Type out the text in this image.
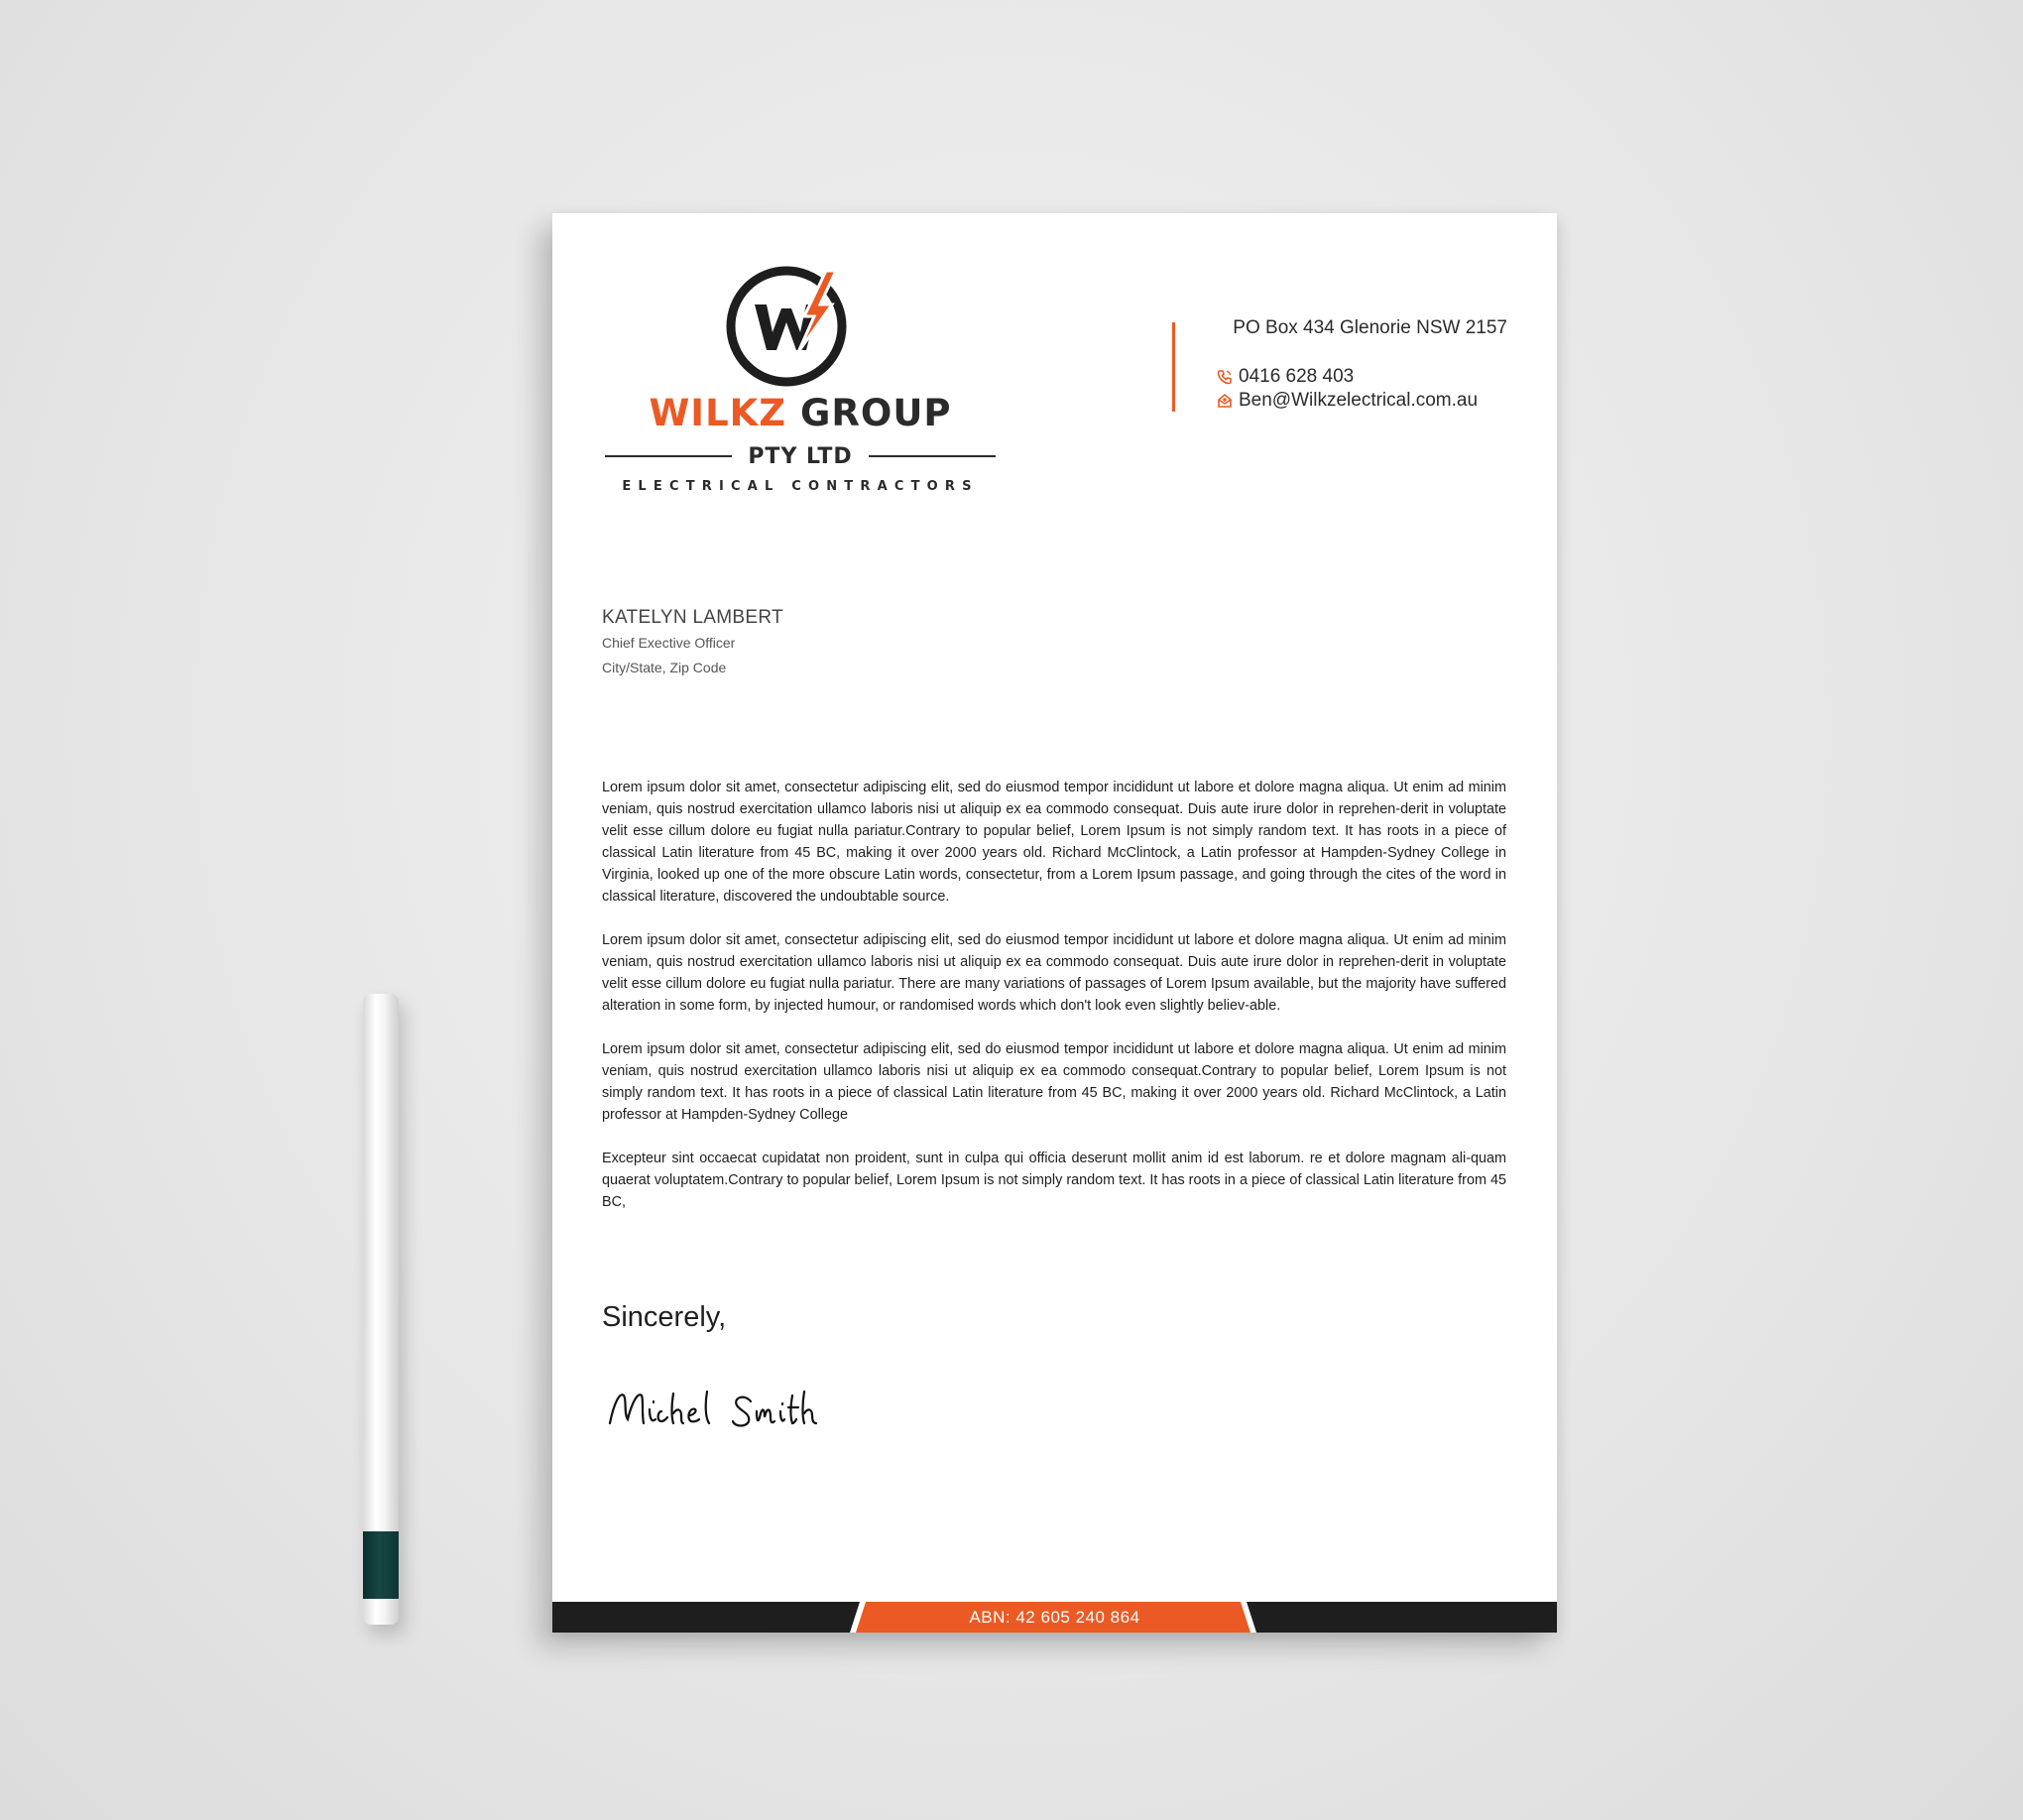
WILKZ GROUP
PTY LTD
ELECTRICAL CONTRACTORS
PO Box 434 Glenorie NSW 2157
0416 628 403
Ben@Wilkzelectrical.com.au
KATELYN LAMBERT
Chief Exective Officer
City/State, Zip Code

Lorem ipsum dolor sit amet, consectetur adipiscing elit, sed do eiusmod tempor incididunt ut labore et dolore magna aliqua. Ut enim ad minim veniam, quis nostrud exercitation ullamco laboris nisi ut aliquip ex ea commodo consequat. Duis aute irure dolor in reprehen-derit in voluptate velit esse cillum dolore eu fugiat nulla pariatur.Contrary to popular belief, Lorem Ipsum is not simply random text. It has roots in a piece of classical Latin literature from 45 BC, making it over 2000 years old. Richard McClintock, a Latin professor at Hampden-Sydney College in Virginia, looked up one of the more obscure Latin words, consectetur, from a Lorem Ipsum passage, and going through the cites of the word in classical literature, discovered the undoubtable source.

Lorem ipsum dolor sit amet, consectetur adipiscing elit, sed do eiusmod tempor incididunt ut labore et dolore magna aliqua. Ut enim ad minim veniam, quis nostrud exercitation ullamco laboris nisi ut aliquip ex ea commodo consequat. Duis aute irure dolor in reprehen-derit in voluptate velit esse cillum dolore eu fugiat nulla pariatur. There are many variations of passages of Lorem Ipsum available, but the majority have suffered alteration in some form, by injected humour, or randomised words which don't look even slightly believ-able.

Lorem ipsum dolor sit amet, consectetur adipiscing elit, sed do eiusmod tempor incididunt ut labore et dolore magna aliqua. Ut enim ad minim veniam, quis nostrud exercitation ullamco laboris nisi ut aliquip ex ea commodo consequat.Contrary to popular belief, Lorem Ipsum is not simply random text. It has roots in a piece of classical Latin literature from 45 BC, making it over 2000 years old. Richard McClintock, a Latin professor at Hampden-Sydney College

Excepteur sint occaecat cupidatat non proident, sunt in culpa qui officia deserunt mollit anim id est laborum. re et dolore magnam ali-quam quaerat voluptatem.Contrary to popular belief, Lorem Ipsum is not simply random text. It has roots in a piece of classical Latin literature from 45 BC,

Sincerely,
ABN: 42 605 240 864
